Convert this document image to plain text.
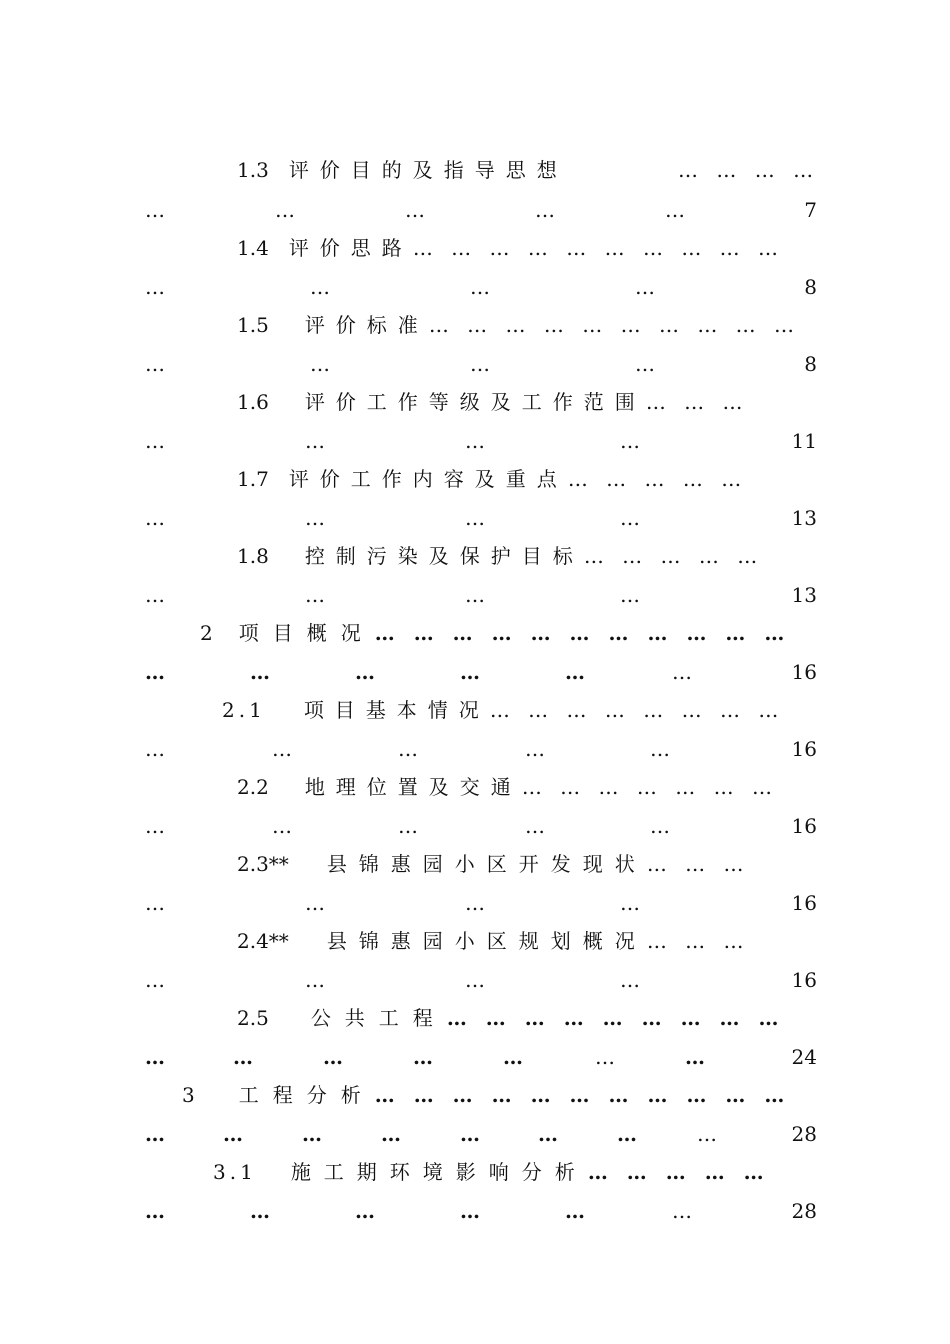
1.3 评价目的及指导思想	… … … …
…	…	…	…	…	7
1.4 评价思路… … … … … … … … … …
…	…	…	…	8
1.5 评价标准… … … … … … … … … …
…	…	…	…	8
1.6 评价工作等级及工作范围… … …
…	…	…	…	11
1.7 评价工作内容及重点… … … … …
…	…	…	…	13
1.8 控制污染及保护目标… … … … …
…	…	…	…	13
2 项目概况… … … … … … … … … … …
…	…	…	…	…	…	16
2.1 项目基本情况… … … … … … … …
…	…	…	…	…	16
2.2 地理位置及交通… … … … … … …
…	…	…	…	…	16
2.3** 县锦惠园小区开发现状… … …
…	…	…	…	16
2.4** 县锦惠园小区规划概况… … …
…	…	…	…	16
2.5 公共工程… … … … … … … … …
…	…	…	…	…	…	…	24
3 工程分析… … … … … … … … … … …
…	…	…	…	…	…	…	…	28
3.1 施工期环境影响分析… … … … …
…	…	…	…	…	…	28
